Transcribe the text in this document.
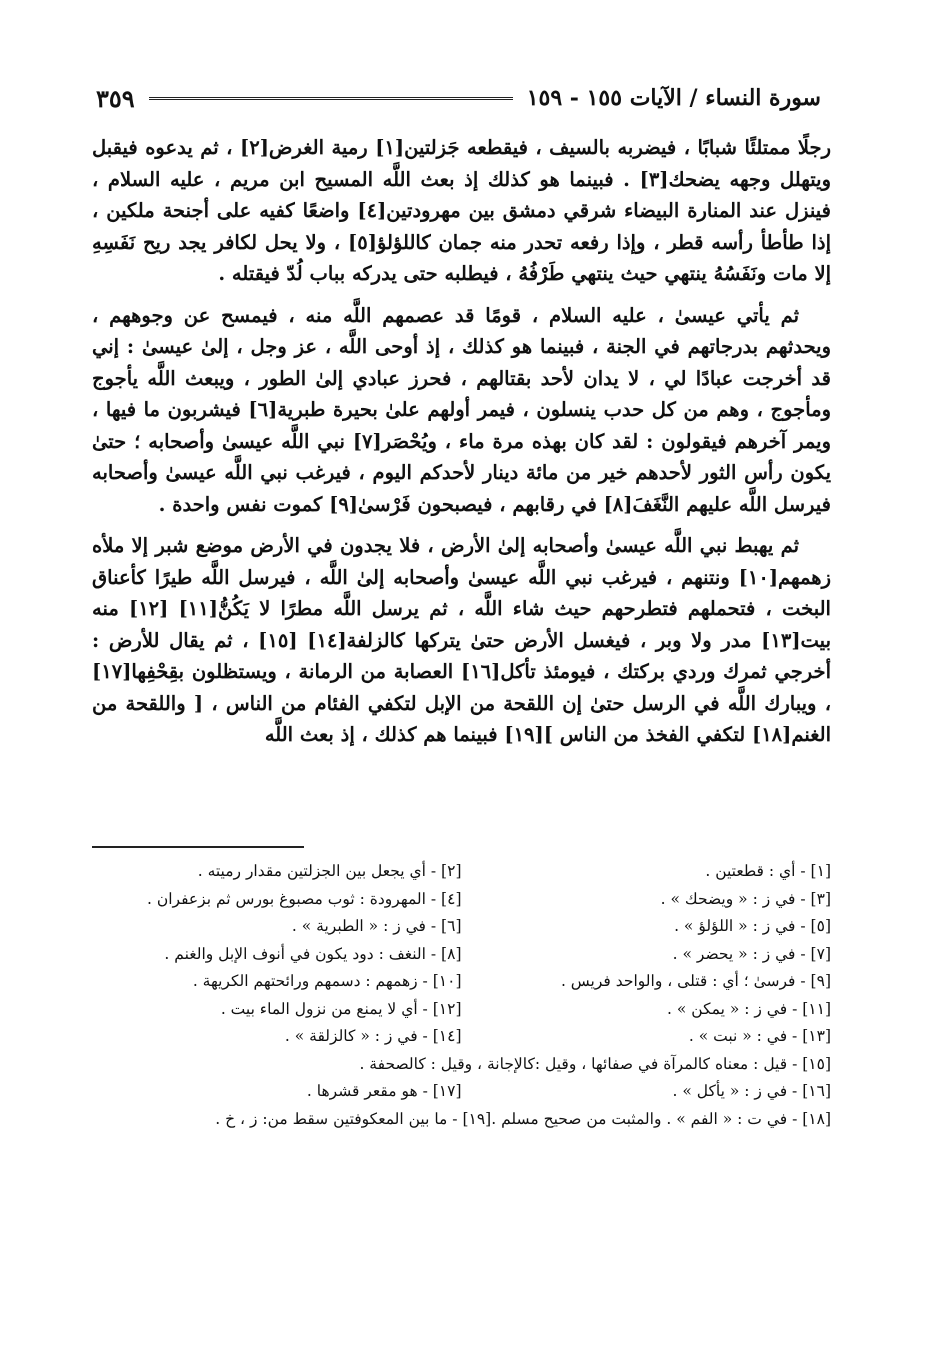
سورة النساء / الآيات ١٥٥ - ١٥٩
٣٥٩

رجلًا ممتلئًا شبابًا ، فيضربه بالسيف ، فيقطعه جَزلتين[١] رمية الغرض[٢] ، ثم يدعوه فيقبل ويتهلل وجهه يضحك[٣] . فبينما هو كذلك إذ بعث اللَّه المسيح ابن مريم ، عليه السلام ، فينزل عند المنارة البيضاء شرقي دمشق بين مهرودتين[٤] واضعًا كفيه على أجنحة ملكين ، إذا طأطأ رأسه قطر ، وإذا رفعه تحدر منه جمان كاللؤلؤ[٥] ، ولا يحل لكافر يجد ريح نَفَسِهِ إلا مات ونَفَسُهُ ينتهي حيث ينتهي طَرْفُهُ ، فيطلبه حتى يدركه بباب لُدّ فيقتله .

ثم يأتي عيسىٰ ، عليه السلام ، قومًا قد عصمهم اللَّه منه ، فيمسح عن وجوههم ، ويحدثهم بدرجاتهم في الجنة ، فبينما هو كذلك ، إذ أوحى اللَّه ، عز وجل ، إلىٰ عيسىٰ : إني قد أخرجت عبادًا لي ، لا يدان لأحد بقتالهم ، فحرز عبادي إلىٰ الطور ، ويبعث اللَّه يأجوج ومأجوج ، وهم من كل حدب ينسلون ، فيمر أولهم علىٰ بحيرة طبرية[٦] فيشربون ما فيها ، ويمر آخرهم فيقولون : لقد كان بهذه مرة ماء ، ويُحْصَر[٧] نبي اللَّه عيسىٰ وأصحابه ؛ حتىٰ يكون رأس الثور لأحدهم خير من مائة دينار لأحدكم اليوم ، فيرغب نبي اللَّه عيسىٰ وأصحابه فيرسل اللَّه عليهم النَّغَفَ[٨] في رقابهم ، فيصبحون فَرْسىٰ[٩] كموت نفس واحدة .

ثم يهبط نبي اللَّه عيسىٰ وأصحابه إلىٰ الأرض ، فلا يجدون في الأرض موضع شبر إلا ملأه زهمهم[١٠] ونتنهم ، فيرغب نبي اللَّه عيسىٰ وأصحابه إلىٰ اللَّه ، فيرسل اللَّه طيرًا كأعناق البخت ، فتحملهم فتطرحهم حيث شاء اللَّه ، ثم يرسل اللَّه مطرًا لا يَكُنُّ[١١] [١٢] منه بيت[١٣] مدر ولا وبر ، فيغسل الأرض حتىٰ يتركها كالزلفة[١٤] [١٥] ، ثم يقال للأرض : أخرجي ثمرك وردي بركتك ، فيومئذ تأكل[١٦] العصابة من الرمانة ، ويستظلون بقِحْفِها[١٧] ، ويبارك اللَّه في الرسل حتىٰ إن اللقحة من الإبل لتكفي الفئام من الناس ، [ واللقحة من الغنم[١٨] لتكفي الفخذ من الناس ][١٩] فبينما هم كذلك ، إذ بعث اللَّه

[١] - أي : قطعتين .
[٢] - أي يجعل بين الجزلتين مقدار رميته .
[٣] - في ز : « ويضحك » .
[٤] - المهرودة : ثوب مصبوغ بورس ثم بزعفران .
[٥] - في ز : « اللؤلؤ » .
[٦] - في ز : « الطبرية » .
[٧] - في ز : « يحضر » .
[٨] - النغف : دود يكون في أنوف الإبل والغنم .
[٩] - فرسىٰ ؛ أي : قتلى ، والواحد فريس .
[١٠] - زهمهم : دسمهم ورائحتهم الكريهة .
[١١] - في ز : « يمكن » .
[١٢] - أي لا يمنع من نزول الماء بيت .
[١٣] - في : « نبت » .
[١٤] - في ز : « كالزلقة » .
[١٥] - قيل : معناه كالمرآة في صفائها ، وقيل :كالإجانة ، وقيل : كالصحفة .
[١٦] - في ز : « يأكل » .
[١٧] - هو مقعر قشرها .
[١٨] - في ت : « الفم » . والمثبت من صحيح مسلم .[١٩] - ما بين المعكوفتين سقط من: ز ، خ .
